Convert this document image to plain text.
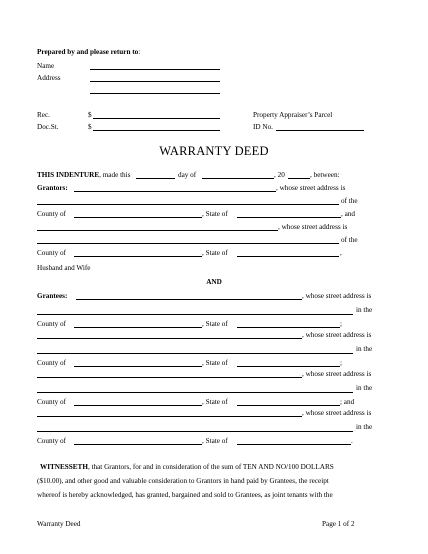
Prepared by and please return to:
Name
Address
Rec.	$
Doc.St.	$
Property Appraiser’s Parcel
ID No.
WARRANTY DEED
THIS INDENTURE, made this	day of	, 20	, between:
Grantors:	, whose street address is
of the
County of	, State of	, and
, whose street address is
of the
County of	, State of	,
Husband and Wife
AND
Grantees:	, whose street address is
in the
County of	, State of	;
, whose street address is
in the
County of	, State of	;
, whose street address is
in the
County of	, State of	; and
, whose street address is
in the
County of	, State of	.
WITNESSETH, that Grantors, for and in consideration of the sum of TEN AND NO/100 DOLLARS
($10.00), and other good and valuable consideration to Grantors in hand paid by Grantees, the receipt
whereof is hereby acknowledged, has granted, bargained and sold to Grantees, as joint tenants with the
Warranty Deed	Page 1 of 2
